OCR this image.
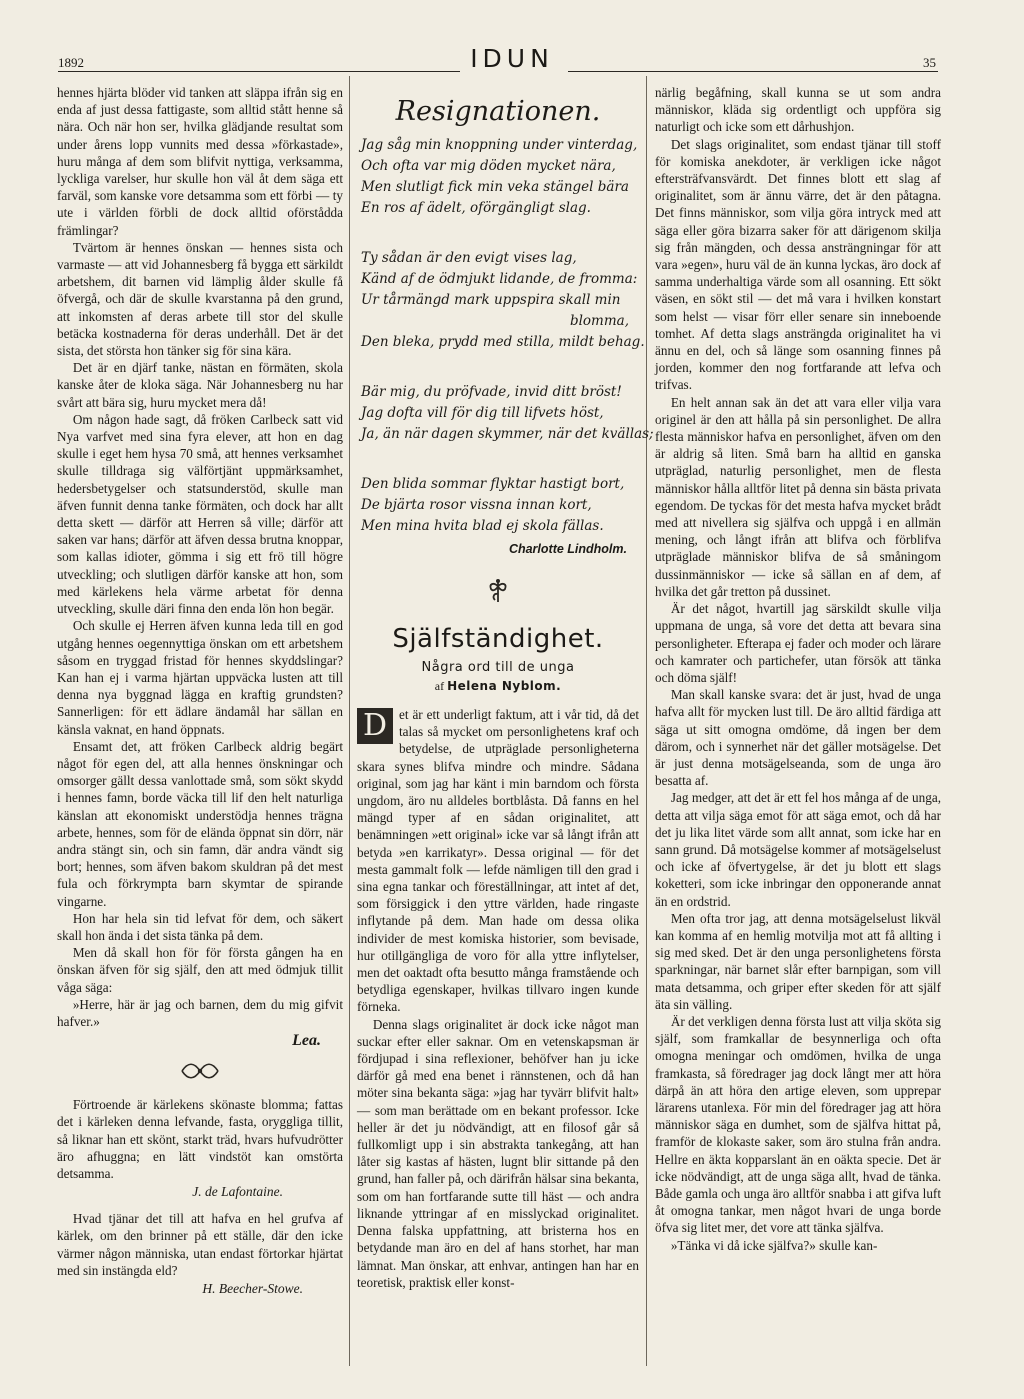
1892	IDUN	35

hennes hjärta blöder vid tanken att släppa ifrån sig en enda af just dessa fattigaste, som alltid stått henne så nära. Och när hon ser, hvilka glädjande resultat som under årens lopp vunnits med dessa »förkastade», huru många af dem som blifvit nyttiga, verksamma, lyckliga varelser, hur skulle hon väl åt dem säga ett farväl, som kanske vore detsamma som ett förbi — ty ute i världen förbli de dock alltid oförstådda främlingar?

Tvärtom är hennes önskan — hennes sista och varmaste — att vid Johannesberg få bygga ett särkildt arbetshem, dit barnen vid lämplig ålder skulle få öfvergå, och där de skulle kvarstanna på den grund, att inkomsten af deras arbete till stor del skulle betäcka kostnaderna för deras underhåll. Det är det sista, det största hon tänker sig för sina kära.

Det är en djärf tanke, nästan en förmäten, skola kanske åter de kloka säga. När Johannesberg nu har svårt att bära sig, huru mycket mera då!

Om någon hade sagt, då fröken Carlbeck satt vid Nya varfvet med sina fyra elever, att hon en dag skulle i eget hem hysa 70 små, att hennes verksamhet skulle tilldraga sig välförtjänt uppmärksamhet, hedersbetygelser och statsunderstöd, skulle man äfven funnit denna tanke förmäten, och dock har allt detta skett — därför att Herren så ville; därför att saken var hans; därför att äfven dessa brutna knoppar, som kallas idioter, gömma i sig ett frö till högre utveckling; och slutligen därför kanske att hon, som med kärlekens hela värme arbetat för denna utveckling, skulle däri finna den enda lön hon begär.

Och skulle ej Herren äfven kunna leda till en god utgång hennes oegennyttiga önskan om ett arbetshem såsom en tryggad fristad för hennes skyddslingar? Kan han ej i varma hjärtan uppväcka lusten att till denna nya byggnad lägga en kraftig grundsten? Sannerligen: för ett ädlare ändamål har sällan en känsla vaknat, en hand öppnats.

Ensamt det, att fröken Carlbeck aldrig begärt något för egen del, att alla hennes önskningar och omsorger gällt dessa vanlottade små, som sökt skydd i hennes famn, borde väcka till lif den helt naturliga känslan att ekonomiskt understödja hennes trägna arbete, hennes, som för de elända öppnat sin dörr, när andra stängt sin, och sin famn, där andra vändt sig bort; hennes, som äfven bakom skuldran på det mest fula och förkrympta barn skymtar de spirande vingarne.

Hon har hela sin tid lefvat för dem, och säkert skall hon ända i det sista tänka på dem.

Men då skall hon för för första gången ha en önskan äfven för sig själf, den att med ödmjuk tillit våga säga:

»Herre, här är jag och barnen, dem du mig gifvit hafver.»

Lea.

Förtroende är kärlekens skönaste blomma; fattas det i kärleken denna lefvande, fasta, oryggliga tillit, så liknar han ett skönt, starkt träd, hvars hufvudrötter äro afhuggna; en lätt vindstöt kan omstörta detsamma.

J. de Lafontaine.

Hvad tjänar det till att hafva en hel grufva af kärlek, om den brinner på ett ställe, där den icke värmer någon människa, utan endast förtorkar hjärtat med sin instängda eld?

H. Beecher-Stowe.

Resignationen.
Jag såg min knoppning under vinterdag,
Och ofta var mig döden mycket nära,
Men slutligt fick min veka stängel bära
En ros af ädelt, oförgängligt slag.
Ty sådan är den evigt vises lag,
Känd af de ödmjukt lidande, de fromma:
Ur tårmängd mark uppspira skall min
blomma,
Den bleka, prydd med stilla, mildt behag.
Bär mig, du pröfvade, invid ditt bröst!
Jag dofta vill för dig till lifvets höst,
Ja, än när dagen skymmer, när det kvällas;
Den blida sommar flyktar hastigt bort,
De bjärta rosor vissna innan kort,
Men mina hvita blad ej skola fällas.
Charlotte Lindholm.
Själfständighet.
Några ord till de unga
af Helena Nyblom.
D et är ett underligt faktum, att i vår tid, då det talas så mycket om personlighetens kraf och betydelse, de utpräglade personligheterna skara synes blifva mindre och mindre. Sådana original, som jag har känt i min barndom och första ungdom, äro nu alldeles bortblåsta. Då fanns en hel mängd typer af en sådan originalitet, att benämningen »ett original» icke var så långt ifrån att betyda »en karrikatyr». Dessa original — för det mesta gammalt folk — lefde nämligen till den grad i sina egna tankar och föreställningar, att intet af det, som försiggick i den yttre världen, hade ringaste inflytande på dem. Man hade om dessa olika individer de mest komiska historier, som bevisade, hur otillgängliga de voro för alla yttre inflytelser, men det oaktadt ofta besutto många framstående och betydliga egenskaper, hvilkas tillvaro ingen kunde förneka.

Denna slags originalitet är dock icke något man suckar efter eller saknar. Om en vetenskapsman är fördjupad i sina reflexioner, behöfver han ju icke därför gå med ena benet i rännstenen, och då han möter sina bekanta säga: »jag har tyvärr blifvit halt» — som man berättade om en bekant professor. Icke heller är det ju nödvändigt, att en filosof går så fullkomligt upp i sin abstrakta tankegång, att han låter sig kastas af hästen, lugnt blir sittande på den grund, han faller på, och därifrån hälsar sina bekanta, som om han fortfarande sutte till häst — och andra liknande yttringar af en misslyckad originalitet. Denna falska uppfattning, att bristerna hos en betydande man äro en del af hans storhet, har man lämnat. Man önskar, att enhvar, antingen han har en teoretisk, praktisk eller konst-

närlig begåfning, skall kunna se ut som andra människor, kläda sig ordentligt och uppföra sig naturligt och icke som ett dårhushjon.

Det slags originalitet, som endast tjänar till stoff för komiska anekdoter, är verkligen icke något eftersträfvansvärdt. Det finnes blott ett slag af originalitet, som är ännu värre, det är den påtagna. Det finns människor, som vilja göra intryck med att säga eller göra bizarra saker för att därigenom skilja sig från mängden, och dessa ansträngningar för att vara »egen», huru väl de än kunna lyckas, äro dock af samma underhaltiga värde som all osanning. Ett sökt väsen, en sökt stil — det må vara i hvilken konstart som helst — visar förr eller senare sin inneboende tomhet. Af detta slags ansträngda originalitet ha vi ännu en del, och så länge som osanning finnes på jorden, kommer den nog fortfarande att lefva och trifvas.

En helt annan sak än det att vara eller vilja vara originel är den att hålla på sin personlighet. De allra flesta människor hafva en personlighet, äfven om den är aldrig så liten. Små barn ha alltid en ganska utpräglad, naturlig personlighet, men de flesta människor hålla alltför litet på denna sin bästa privata egendom. De tyckas för det mesta hafva mycket brådt med att nivellera sig själfva och uppgå i en allmän mening, och långt ifrån att blifva och förblifva utpräglade människor blifva de så småningom dussinmänniskor — icke så sällan en af dem, af hvilka det går tretton på dussinet.

Är det något, hvartill jag särskildt skulle vilja uppmana de unga, så vore det detta att bevara sina personligheter. Efterapa ej fader och moder och lärare och kamrater och partichefer, utan försök att tänka och döma själf!

Man skall kanske svara: det är just, hvad de unga hafva allt för mycken lust till. De äro alltid färdiga att säga ut sitt omogna omdöme, då ingen ber dem därom, och i synnerhet när det gäller motsägelse. Det är just denna motsägelseanda, som de unga äro besatta af.

Jag medger, att det är ett fel hos många af de unga, detta att vilja säga emot för att säga emot, och då har det ju lika litet värde som allt annat, som icke har en sann grund. Då motsägelse kommer af motsägelselust och icke af öfvertygelse, är det ju blott ett slags koketteri, som icke inbringar den opponerande annat än en ordstrid.

Men ofta tror jag, att denna motsägelselust likväl kan komma af en hemlig motvilja mot att få allting i sig med sked. Det är den unga personlighetens första sparkningar, när barnet slår efter barnpigan, som vill mata detsamma, och griper efter skeden för att själf äta sin välling.

Är det verkligen denna första lust att vilja sköta sig själf, som framkallar de besynnerliga och ofta omogna meningar och omdömen, hvilka de unga framkasta, så föredrager jag dock långt mer att höra därpå än att höra den artige eleven, som upprepar lärarens utanlexa. För min del föredrager jag att höra människor säga en dumhet, som de själfva hittat på, framför de klokaste saker, som äro stulna från andra. Hellre en äkta kopparslant än en oäkta specie. Det är icke nödvändigt, att de unga säga allt, hvad de tänka. Både gamla och unga äro alltför snabba i att gifva luft åt omogna tankar, men något hvari de unga borde öfva sig litet mer, det vore att tänka själfva.

»Tänka vi då icke själfva?» skulle kan-
